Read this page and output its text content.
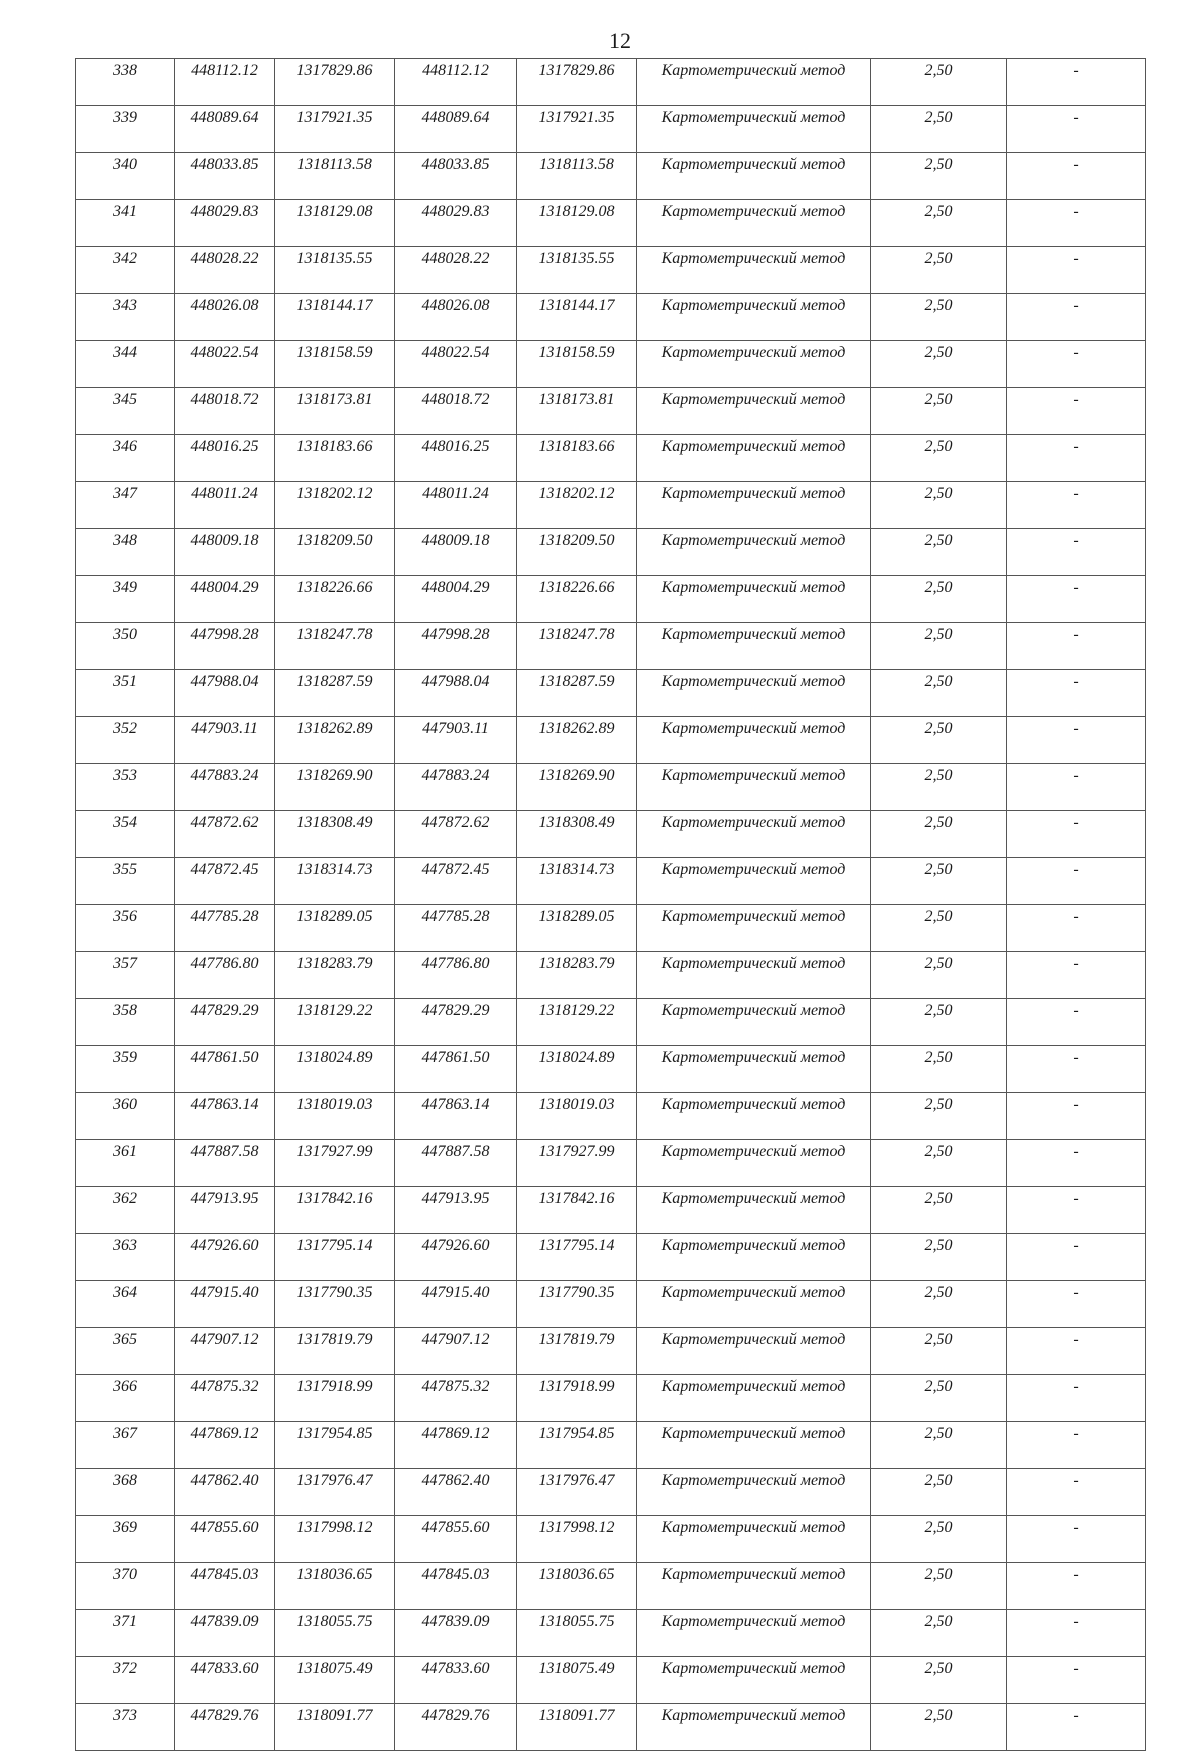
12
338	448112.12	1317829.86	448112.12	1317829.86	Картометрический метод	2,50	-
339	448089.64	1317921.35	448089.64	1317921.35	Картометрический метод	2,50	-
340	448033.85	1318113.58	448033.85	1318113.58	Картометрический метод	2,50	-
341	448029.83	1318129.08	448029.83	1318129.08	Картометрический метод	2,50	-
342	448028.22	1318135.55	448028.22	1318135.55	Картометрический метод	2,50	-
343	448026.08	1318144.17	448026.08	1318144.17	Картометрический метод	2,50	-
344	448022.54	1318158.59	448022.54	1318158.59	Картометрический метод	2,50	-
345	448018.72	1318173.81	448018.72	1318173.81	Картометрический метод	2,50	-
346	448016.25	1318183.66	448016.25	1318183.66	Картометрический метод	2,50	-
347	448011.24	1318202.12	448011.24	1318202.12	Картометрический метод	2,50	-
348	448009.18	1318209.50	448009.18	1318209.50	Картометрический метод	2,50	-
349	448004.29	1318226.66	448004.29	1318226.66	Картометрический метод	2,50	-
350	447998.28	1318247.78	447998.28	1318247.78	Картометрический метод	2,50	-
351	447988.04	1318287.59	447988.04	1318287.59	Картометрический метод	2,50	-
352	447903.11	1318262.89	447903.11	1318262.89	Картометрический метод	2,50	-
353	447883.24	1318269.90	447883.24	1318269.90	Картометрический метод	2,50	-
354	447872.62	1318308.49	447872.62	1318308.49	Картометрический метод	2,50	-
355	447872.45	1318314.73	447872.45	1318314.73	Картометрический метод	2,50	-
356	447785.28	1318289.05	447785.28	1318289.05	Картометрический метод	2,50	-
357	447786.80	1318283.79	447786.80	1318283.79	Картометрический метод	2,50	-
358	447829.29	1318129.22	447829.29	1318129.22	Картометрический метод	2,50	-
359	447861.50	1318024.89	447861.50	1318024.89	Картометрический метод	2,50	-
360	447863.14	1318019.03	447863.14	1318019.03	Картометрический метод	2,50	-
361	447887.58	1317927.99	447887.58	1317927.99	Картометрический метод	2,50	-
362	447913.95	1317842.16	447913.95	1317842.16	Картометрический метод	2,50	-
363	447926.60	1317795.14	447926.60	1317795.14	Картометрический метод	2,50	-
364	447915.40	1317790.35	447915.40	1317790.35	Картометрический метод	2,50	-
365	447907.12	1317819.79	447907.12	1317819.79	Картометрический метод	2,50	-
366	447875.32	1317918.99	447875.32	1317918.99	Картометрический метод	2,50	-
367	447869.12	1317954.85	447869.12	1317954.85	Картометрический метод	2,50	-
368	447862.40	1317976.47	447862.40	1317976.47	Картометрический метод	2,50	-
369	447855.60	1317998.12	447855.60	1317998.12	Картометрический метод	2,50	-
370	447845.03	1318036.65	447845.03	1318036.65	Картометрический метод	2,50	-
371	447839.09	1318055.75	447839.09	1318055.75	Картометрический метод	2,50	-
372	447833.60	1318075.49	447833.60	1318075.49	Картометрический метод	2,50	-
373	447829.76	1318091.77	447829.76	1318091.77	Картометрический метод	2,50	-
